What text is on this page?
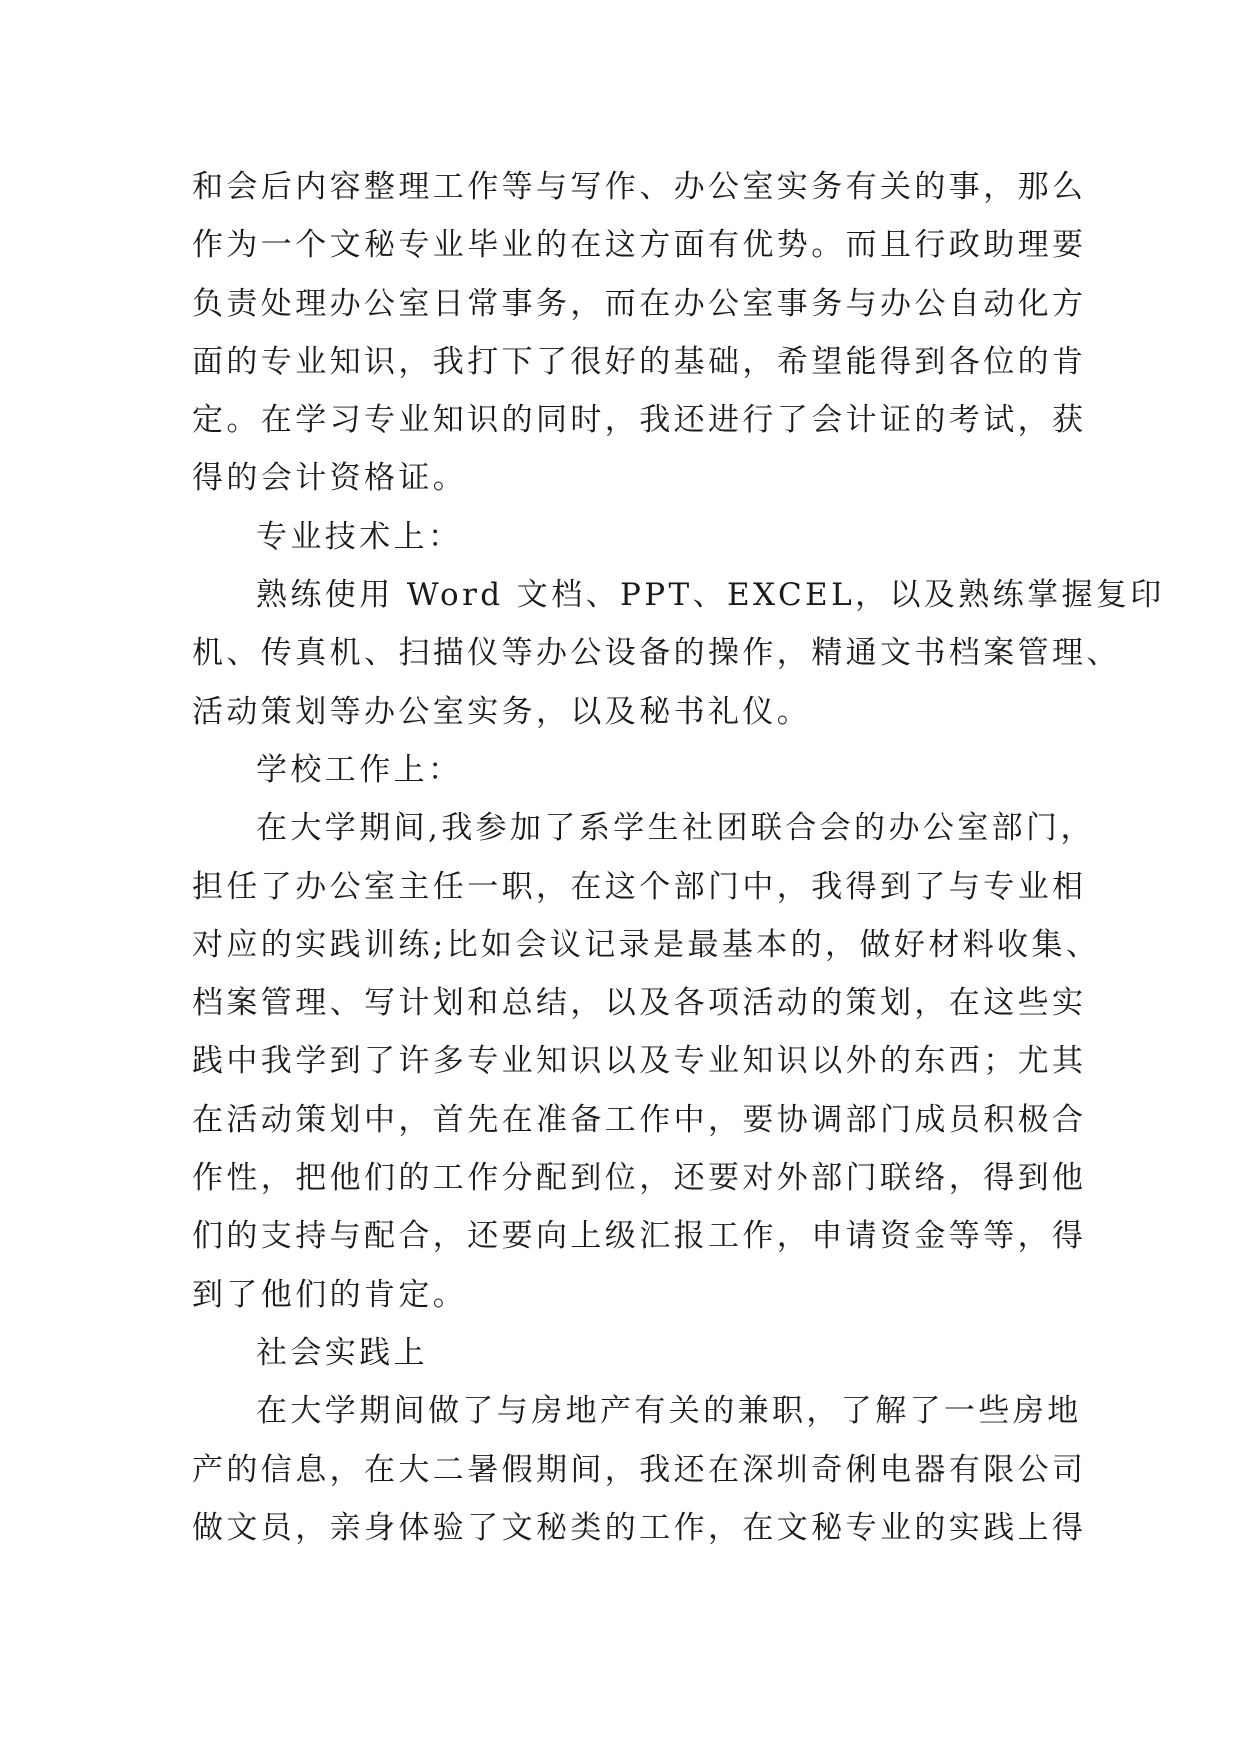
和会后内容整理工作等与写作、办公室实务有关的事，那么
作为一个文秘专业毕业的在这方面有优势。而且行政助理要
负责处理办公室日常事务，而在办公室事务与办公自动化方
面的专业知识，我打下了很好的基础，希望能得到各位的肯
定。在学习专业知识的同时，我还进行了会计证的考试，获
得的会计资格证。
专业技术上：
熟练使用 Word 文档、PPT、EXCEL，以及熟练掌握复印
机、传真机、扫描仪等办公设备的操作，精通文书档案管理、
活动策划等办公室实务，以及秘书礼仪。
学校工作上：
在大学期间,我参加了系学生社团联合会的办公室部门，
担任了办公室主任一职，在这个部门中，我得到了与专业相
对应的实践训练;比如会议记录是最基本的，做好材料收集、
档案管理、写计划和总结，以及各项活动的策划，在这些实
践中我学到了许多专业知识以及专业知识以外的东西；尤其
在活动策划中，首先在准备工作中，要协调部门成员积极合
作性，把他们的工作分配到位，还要对外部门联络，得到他
们的支持与配合，还要向上级汇报工作，申请资金等等，得
到了他们的肯定。
社会实践上
在大学期间做了与房地产有关的兼职，了解了一些房地
产的信息，在大二暑假期间，我还在深圳奇俐电器有限公司
做文员，亲身体验了文秘类的工作，在文秘专业的实践上得
